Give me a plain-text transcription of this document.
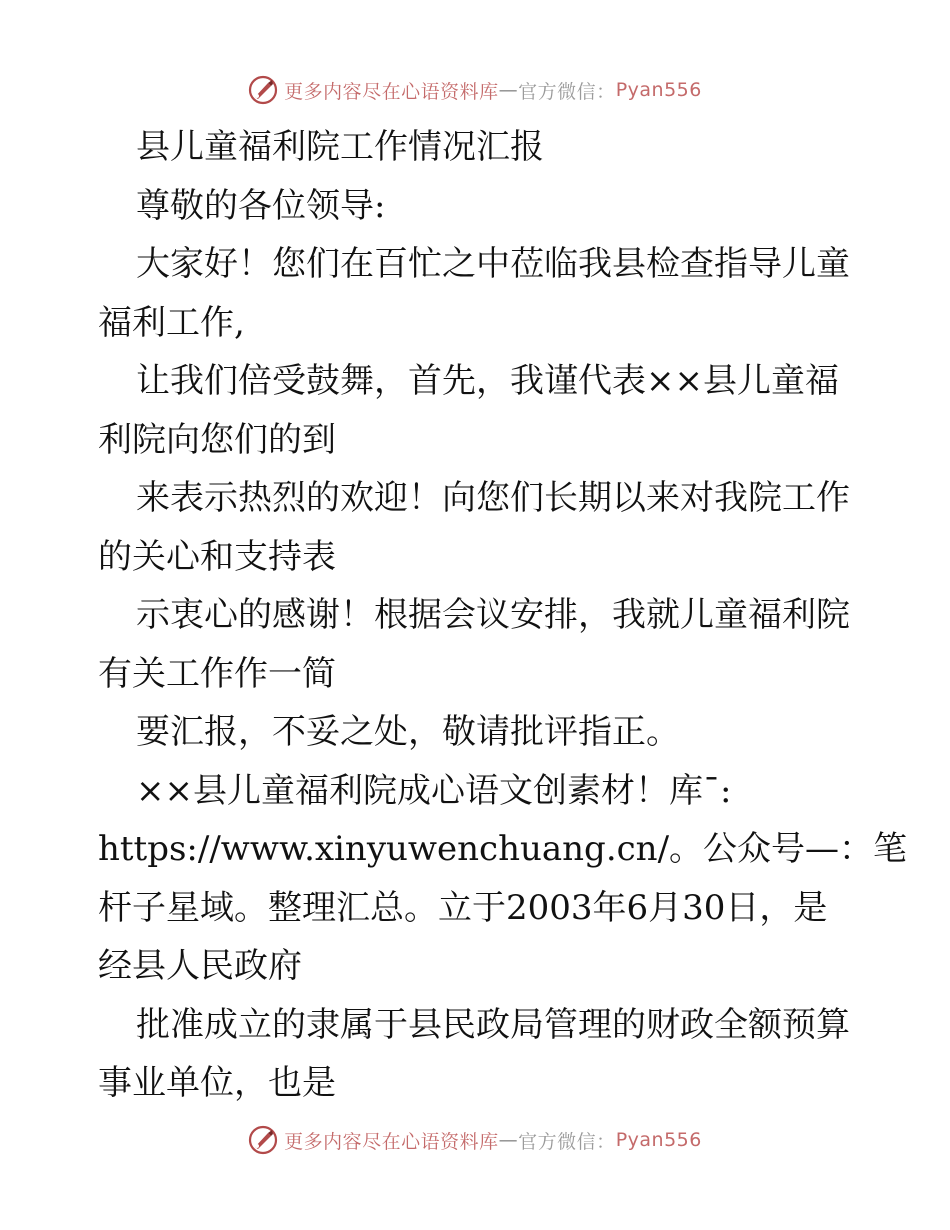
更多内容尽在心语资料库 — 官方微信： Pyan556
县儿童福利院工作情况汇报
尊敬的各位领导:
大家好！您们在百忙之中莅临我县检查指导儿童
福利工作,
让我们倍受鼓舞，首先，我谨代表××县儿童福
利院向您们的到
来表示热烈的欢迎！向您们长期以来对我院工作
的关心和支持表
示衷心的感谢！根据会议安排，我就儿童福利院
有关工作作一简
要汇报，不妥之处，敬请批评指正。
××县儿童福利院成心语文创素材！库¯:
https://www.xinyuwenchuang.cn/。公众号—：笔
杆子星域。整理汇总。立于2003年6月30日，是
经县人民政府
批准成立的隶属于县民政局管理的财政全额预算
事业单位，也是
更多内容尽在心语资料库 — 官方微信： Pyan556
